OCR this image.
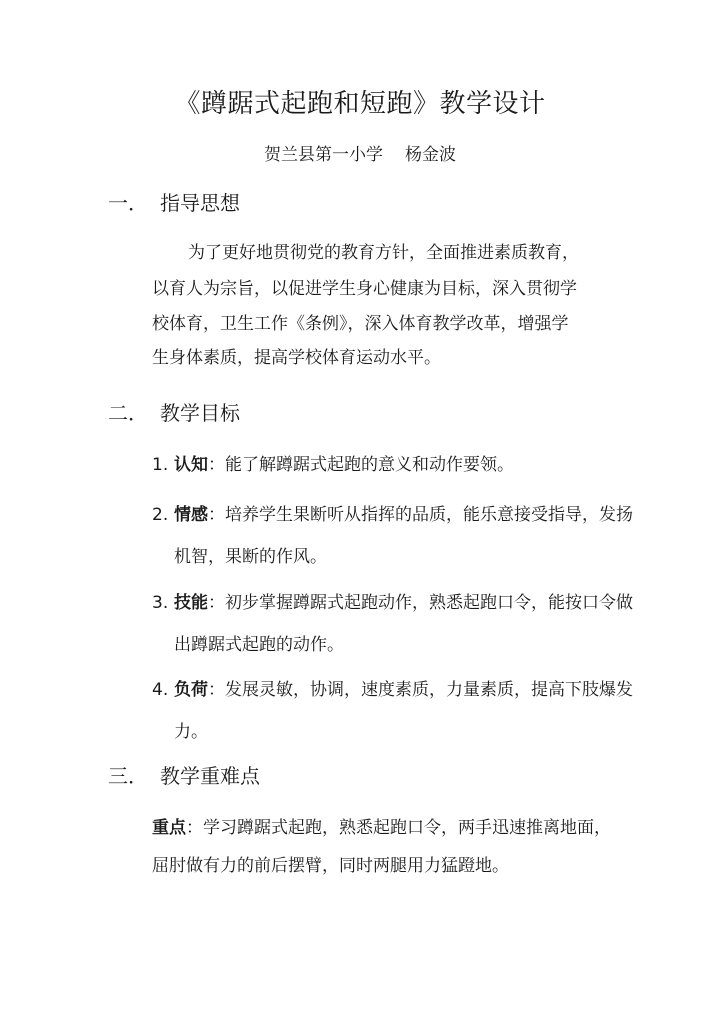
《蹲踞式起跑和短跑》教学设计
贺兰县第一小学 杨金波
一． 指导思想
为了更好地贯彻党的教育方针，全面推进素质教育，
以育人为宗旨，以促进学生身心健康为目标，深入贯彻学
校体育，卫生工作《条例》，深入体育教学改革，增强学
生身体素质，提高学校体育运动水平。
二． 教学目标
1. 认知：能了解蹲踞式起跑的意义和动作要领。
2. 情感：培养学生果断听从指挥的品质，能乐意接受指导，发扬机智，果断的作风。
3. 技能：初步掌握蹲踞式起跑动作，熟悉起跑口令，能按口令做出蹲踞式起跑的动作。
4. 负荷：发展灵敏，协调，速度素质，力量素质，提高下肢爆发力。
三． 教学重难点
重点：学习蹲踞式起跑，熟悉起跑口令，两手迅速推离地面，屈肘做有力的前后摆臂，同时两腿用力猛蹬地。
